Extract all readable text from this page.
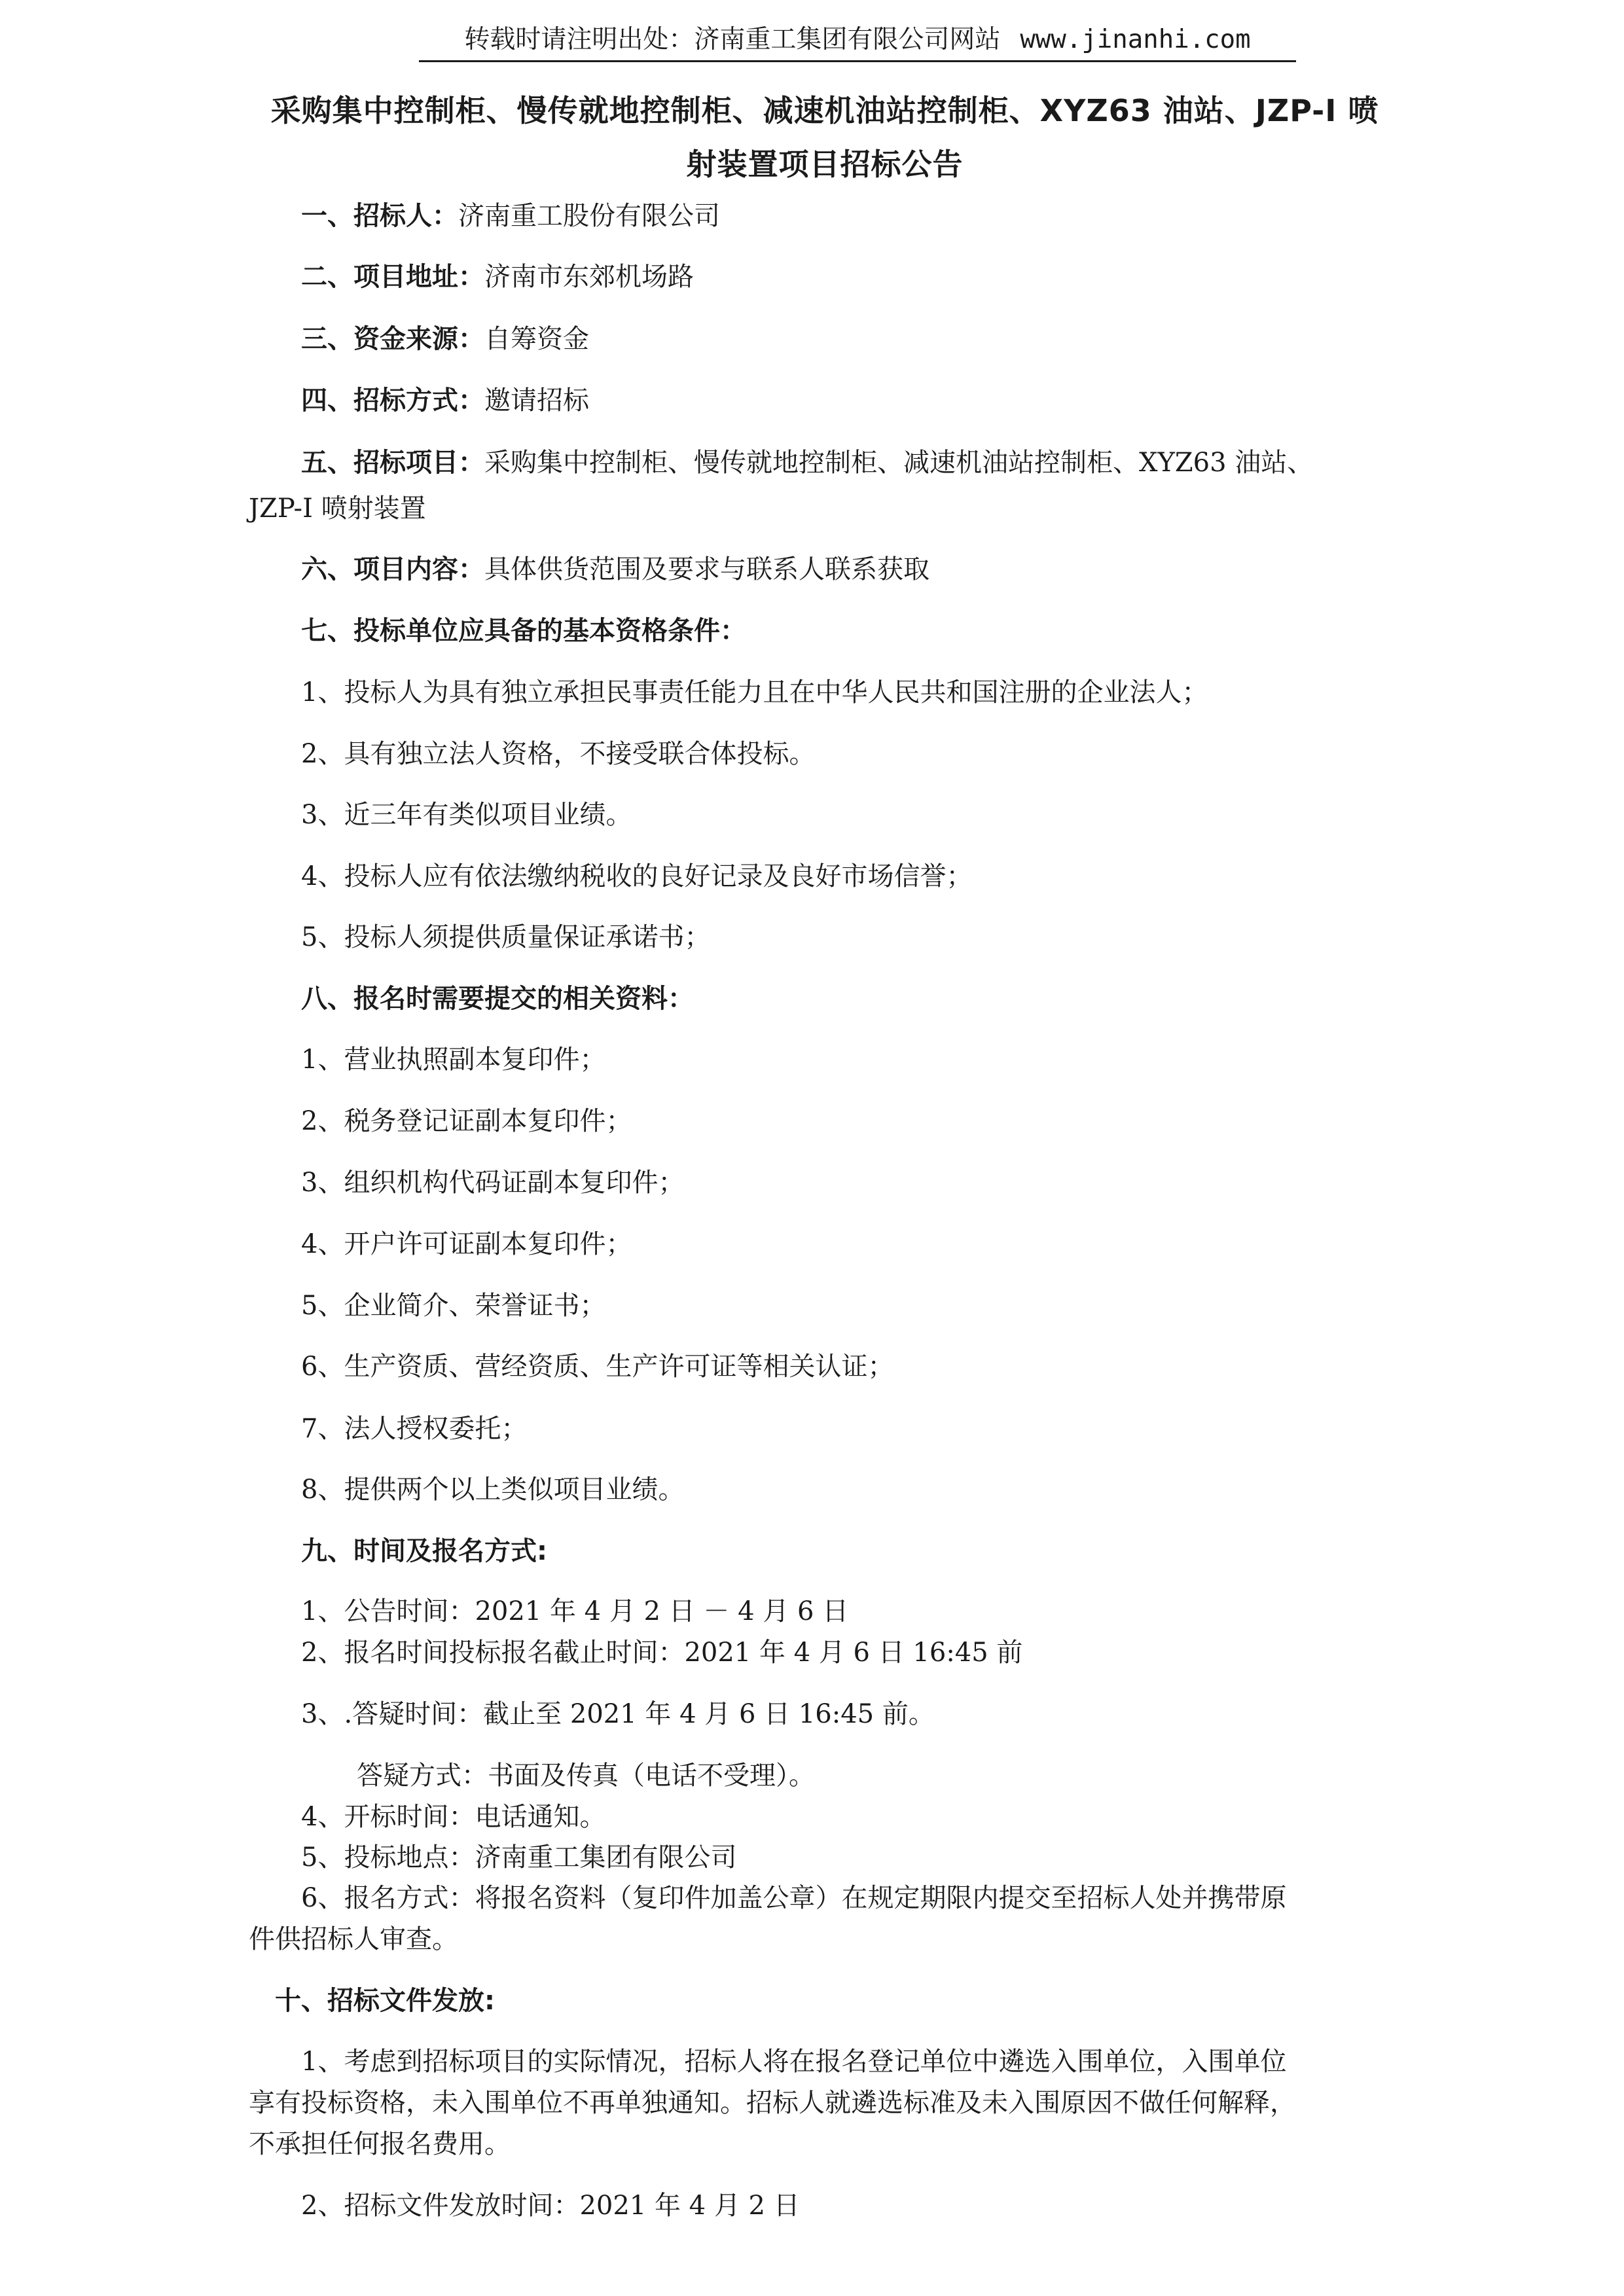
转载时请注明出处：济南重工集团有限公司网站 www.jinanhi.com
采购集中控制柜、慢传就地控制柜、减速机油站控制柜、XYZ63 油站、JZP-I 喷
射装置项目招标公告
一、招标人：济南重工股份有限公司
二、项目地址：济南市东郊机场路
三、资金来源：自筹资金
四、招标方式：邀请招标
五、招标项目：采购集中控制柜、慢传就地控制柜、减速机油站控制柜、XYZ63 油站、
JZP-I 喷射装置
六、项目内容：具体供货范围及要求与联系人联系获取
七、投标单位应具备的基本资格条件：
1、投标人为具有独立承担民事责任能力且在中华人民共和国注册的企业法人；
2、具有独立法人资格，不接受联合体投标。
3、近三年有类似项目业绩。
4、投标人应有依法缴纳税收的良好记录及良好市场信誉；
5、投标人须提供质量保证承诺书；
八、报名时需要提交的相关资料：
1、营业执照副本复印件；
2、税务登记证副本复印件；
3、组织机构代码证副本复印件；
4、开户许可证副本复印件；
5、企业简介、荣誉证书；
6、生产资质、营经资质、生产许可证等相关认证；
7、法人授权委托；
8、提供两个以上类似项目业绩。
九、时间及报名方式:
1、公告时间：2021 年 4 月 2 日 － 4 月 6 日
2、报名时间投标报名截止时间：2021 年 4 月 6 日 16:45 前
3、.答疑时间：截止至 2021 年 4 月 6 日 16:45 前。
答疑方式：书面及传真（电话不受理）。
4、开标时间：电话通知。
5、投标地点：济南重工集团有限公司
6、报名方式：将报名资料（复印件加盖公章）在规定期限内提交至招标人处并携带原
件供招标人审查。
十、招标文件发放:
1、考虑到招标项目的实际情况，招标人将在报名登记单位中遴选入围单位，入围单位
享有投标资格，未入围单位不再单独通知。招标人就遴选标准及未入围原因不做任何解释，
不承担任何报名费用。
2、招标文件发放时间：2021 年 4 月 2 日
